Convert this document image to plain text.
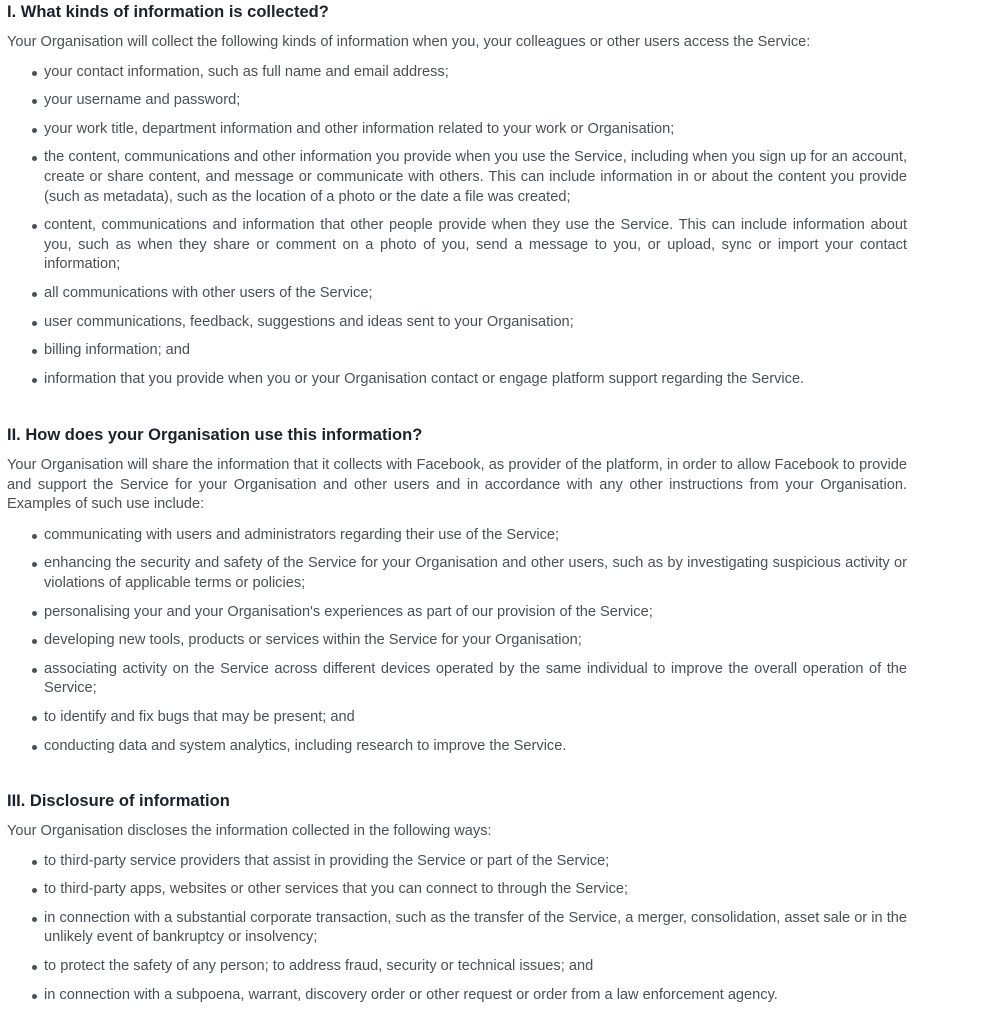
I. What kinds of information is collected?

Your Organisation will collect the following kinds of information when you, your colleagues or other users access the Service:

your contact information, such as full name and email address;
your username and password;
your work title, department information and other information related to your work or Organisation;
the content, communications and other information you provide when you use the Service, including when you sign up for an account, create or share content, and message or communicate with others. This can include information in or about the content you provide (such as metadata), such as the location of a photo or the date a file was created;
content, communications and information that other people provide when they use the Service. This can include information about you, such as when they share or comment on a photo of you, send a message to you, or upload, sync or import your contact information;
all communications with other users of the Service;
user communications, feedback, suggestions and ideas sent to your Organisation;
billing information; and
information that you provide when you or your Organisation contact or engage platform support regarding the Service.
II. How does your Organisation use this information?

Your Organisation will share the information that it collects with Facebook, as provider of the platform, in order to allow Facebook to provide and support the Service for your Organisation and other users and in accordance with any other instructions from your Organisation. Examples of such use include:

communicating with users and administrators regarding their use of the Service;
enhancing the security and safety of the Service for your Organisation and other users, such as by investigating suspicious activity or violations of applicable terms or policies;
personalising your and your Organisation's experiences as part of our provision of the Service;
developing new tools, products or services within the Service for your Organisation;
associating activity on the Service across different devices operated by the same individual to improve the overall operation of the Service;
to identify and fix bugs that may be present; and
conducting data and system analytics, including research to improve the Service.
III. Disclosure of information

Your Organisation discloses the information collected in the following ways:

to third-party service providers that assist in providing the Service or part of the Service;
to third-party apps, websites or other services that you can connect to through the Service;
in connection with a substantial corporate transaction, such as the transfer of the Service, a merger, consolidation, asset sale or in the unlikely event of bankruptcy or insolvency;
to protect the safety of any person; to address fraud, security or technical issues; and
in connection with a subpoena, warrant, discovery order or other request or order from a law enforcement agency.
